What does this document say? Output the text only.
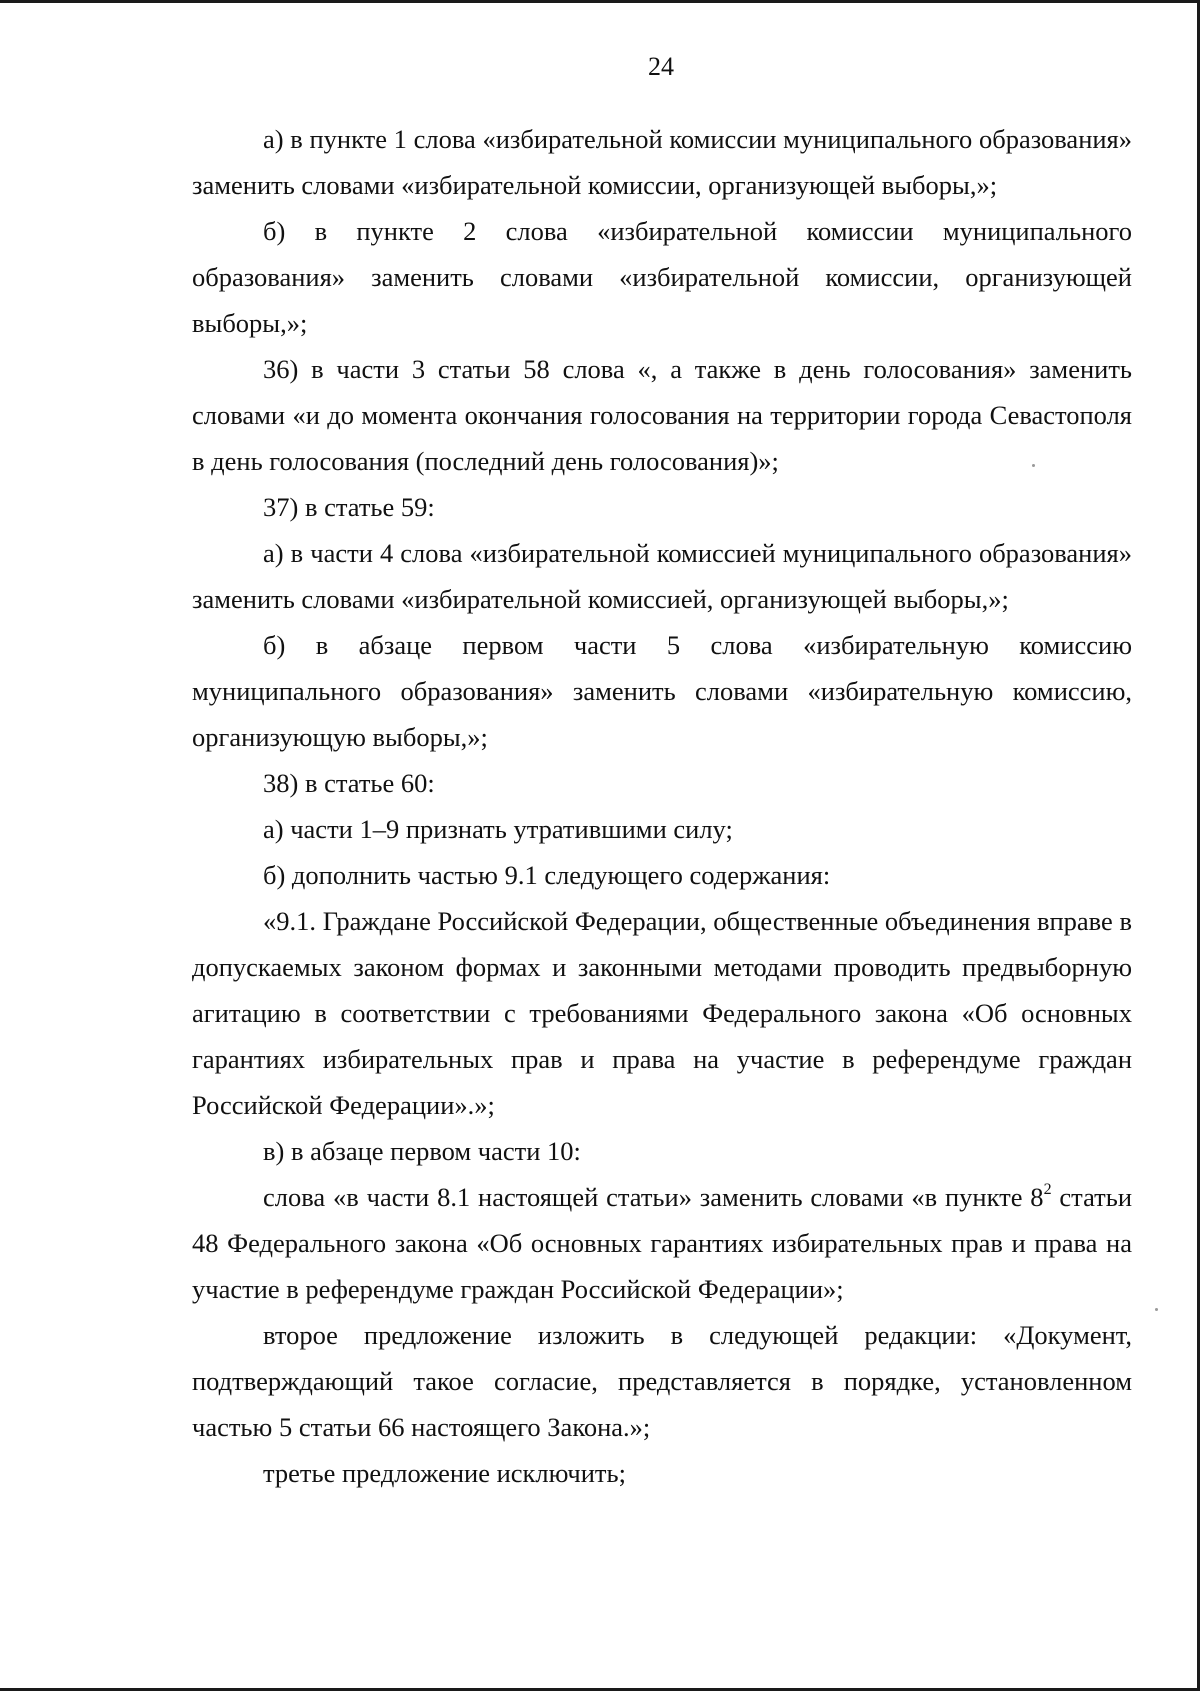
24

а) в пункте 1 слова «избирательной комиссии муниципального образования» заменить словами «избирательной комиссии, организующей выборы,»;

б) в пункте 2 слова «избирательной комиссии муниципального образования» заменить словами «избирательной комиссии, организующей выборы,»;

36) в части 3 статьи 58 слова «, а также в день голосования» заменить словами «и до момента окончания голосования на территории города Севастополя в день голосования (последний день голосования)»;

37) в статье 59:

а) в части 4 слова «избирательной комиссией муниципального образования» заменить словами «избирательной комиссией, организующей выборы,»;

б) в абзаце первом части 5 слова «избирательную комиссию муниципального образования» заменить словами «избирательную комиссию, организующую выборы,»;

38) в статье 60:

а) части 1–9 признать утратившими силу;

б) дополнить частью 9.1 следующего содержания:

«9.1. Граждане Российской Федерации, общественные объединения вправе в допускаемых законом формах и законными методами проводить предвыборную агитацию в соответствии с требованиями Федерального закона «Об основных гарантиях избирательных прав и права на участие в референдуме граждан Российской Федерации».»;

в) в абзаце первом части 10:

слова «в части 8.1 настоящей статьи» заменить словами «в пункте $8^2$ статьи 48 Федерального закона «Об основных гарантиях избирательных прав и права на участие в референдуме граждан Российской Федерации»;

второе предложение изложить в следующей редакции: «Документ, подтверждающий такое согласие, представляется в порядке, установленном частью 5 статьи 66 настоящего Закона.»;

третье предложение исключить;
